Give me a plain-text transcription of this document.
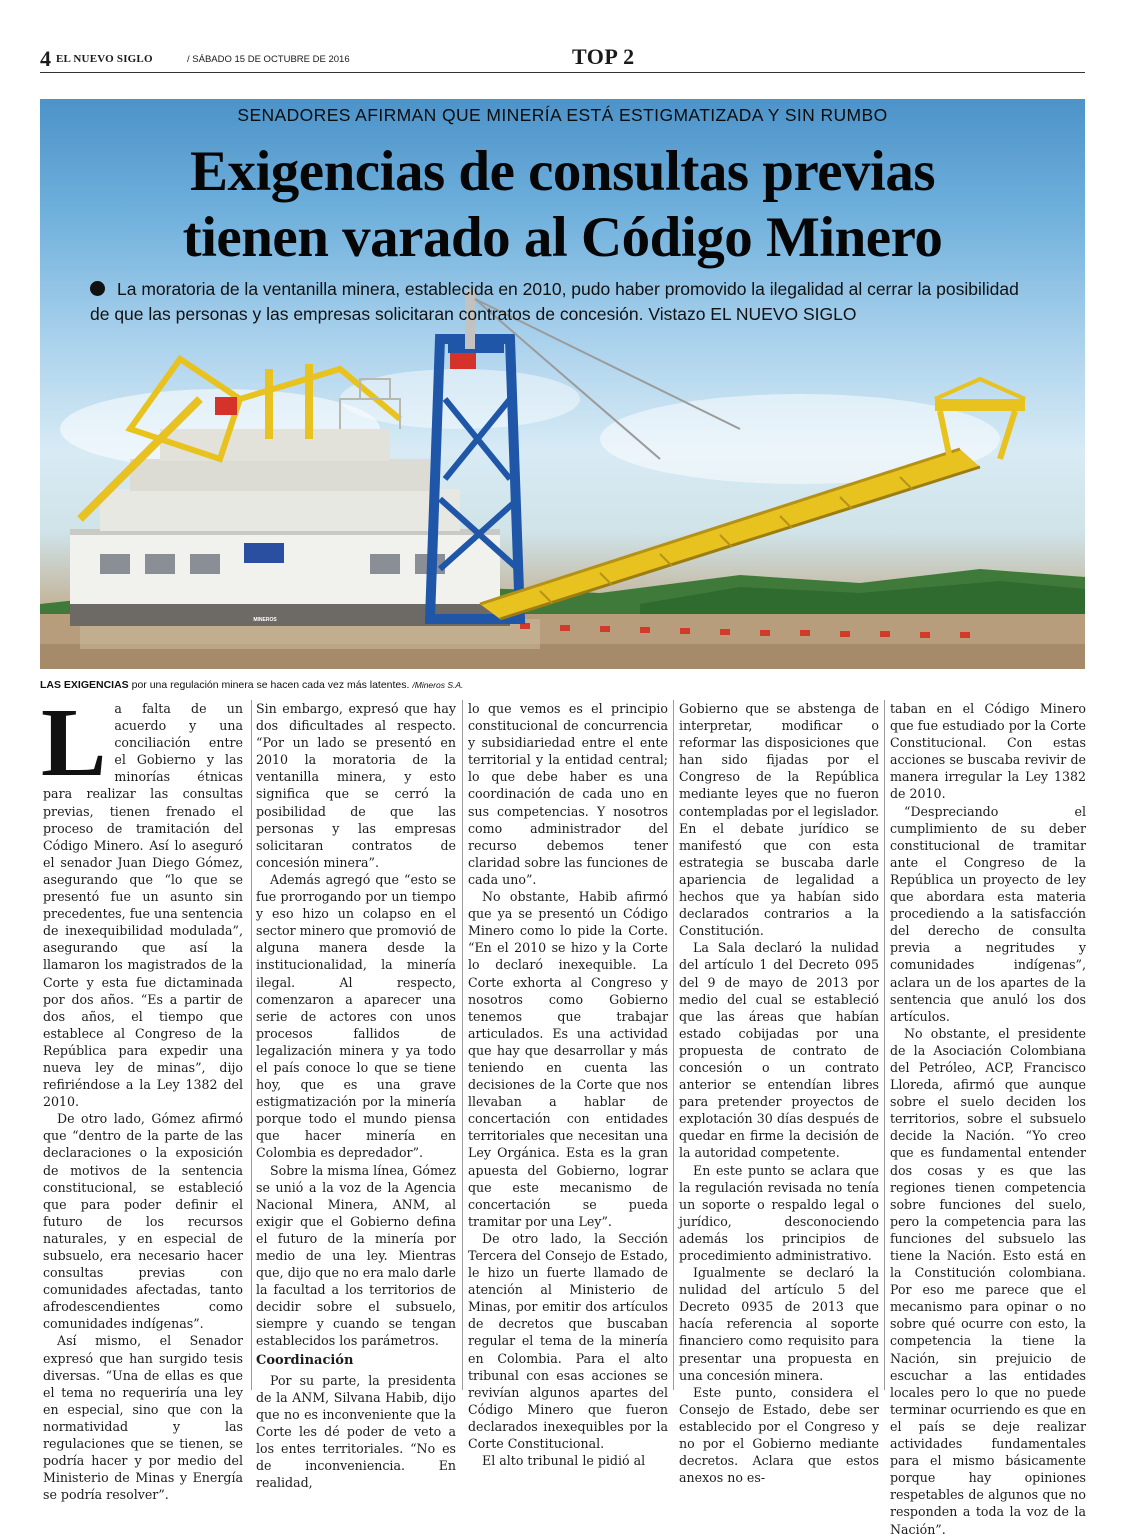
4 EL NUEVO SIGLO	/ SÁBADO 15 DE OCTUBRE DE 2016	TOP 2
SENADORES AFIRMAN QUE MINERÍA ESTÁ ESTIGMATIZADA Y SIN RUMBO
Exigencias de consultas previas
tienen varado al Código Minero
La moratoria de la ventanilla minera, establecida en 2010, pudo haber promovido la ilegalidad al cerrar la posibilidad de que las personas y las empresas solicitaran contratos de concesión. Vistazo EL NUEVO SIGLO
MINEROS
LAS EXIGENCIAS por una regulación minera se hacen cada vez más latentes. /Mineros S.A.
L a falta de un acuerdo y una conciliación entre el Gobierno y las minorías étnicas para realizar las consultas previas, tienen frenado el proceso de tramitación del Código Minero. Así lo aseguró el senador Juan Diego Gómez, asegurando que “lo que se presentó fue un asunto sin precedentes, fue una sentencia de inexequibilidad modulada”, asegurando que así la llamaron los magistrados de la Corte y esta fue dictaminada por dos años. “Es a partir de dos años, el tiempo que establece al Congreso de la República para expedir una nueva ley de minas”, dijo refiriéndose a la Ley 1382 del 2010.

De otro lado, Gómez afirmó que “dentro de la parte de las declaraciones o la exposición de motivos de la sentencia constitucional, se estableció que para poder definir el futuro de los recursos naturales, y en especial de subsuelo, era necesario hacer consultas previas con comunidades afectadas, tanto afrodescendientes como comunidades indígenas”.

Así mismo, el Senador expresó que han surgido tesis diversas. “Una de ellas es que el tema no requeriría una ley en especial, sino que con la normatividad y las regulaciones que se tienen, se podría hacer y por medio del Ministerio de Minas y Energía se podría resolver”.

Sin embargo, expresó que hay dos dificultades al respecto. “Por un lado se presentó en 2010 la moratoria de la ventanilla minera, y esto significa que se cerró la posibilidad de que las personas y las empresas solicitaran contratos de concesión minera”.

Además agregó que “esto se fue prorrogando por un tiempo y eso hizo un colapso en el sector minero que promovió de alguna manera desde la institucionalidad, la minería ilegal. Al respecto, comenzaron a aparecer una serie de actores con unos procesos fallidos de legalización minera y ya todo el país conoce lo que se tiene hoy, que es una grave estigmatización por la minería porque todo el mundo piensa que hacer minería en Colombia es depredador”.

Sobre la misma línea, Gómez se unió a la voz de la Agencia Nacional Minera, ANM, al exigir que el Gobierno defina el futuro de la minería por medio de una ley. Mientras que, dijo que no era malo darle la facultad a los territorios de decidir sobre el subsuelo, siempre y cuando se tengan establecidos los parámetros.

Coordinación

Por su parte, la presidenta de la ANM, Silvana Habib, dijo que no es inconveniente que la Corte les dé poder de veto a los entes territoriales. “No es de inconveniencia. En realidad,

lo que vemos es el principio constitucional de concurrencia y subsidiariedad entre el ente territorial y la entidad central; lo que debe haber es una coordinación de cada uno en sus competencias. Y nosotros como administrador del recurso debemos tener claridad sobre las funciones de cada uno”.

No obstante, Habib afirmó que ya se presentó un Código Minero como lo pide la Corte. “En el 2010 se hizo y la Corte lo declaró inexequible. La Corte exhorta al Congreso y nosotros como Gobierno tenemos que trabajar articulados. Es una actividad que hay que desarrollar y más teniendo en cuenta las decisiones de la Corte que nos llevaban a hablar de concertación con entidades territoriales que necesitan una Ley Orgánica. Esta es la gran apuesta del Gobierno, lograr que este mecanismo de concertación se pueda tramitar por una Ley”.

De otro lado, la Sección Tercera del Consejo de Estado, le hizo un fuerte llamado de atención al Ministerio de Minas, por emitir dos artículos de decretos que buscaban regular el tema de la minería en Colombia. Para el alto tribunal con esas acciones se revivían algunos apartes del Código Minero que fueron declarados inexequibles por la Corte Constitucional.

El alto tribunal le pidió al

Gobierno que se abstenga de interpretar, modificar o reformar las disposiciones que han sido fijadas por el Congreso de la República mediante leyes que no fueron contempladas por el legislador. En el debate jurídico se manifestó que con esta estrategia se buscaba darle apariencia de legalidad a hechos que ya habían sido declarados contrarios a la Constitución.

La Sala declaró la nulidad del artículo 1 del Decreto 095 del 9 de mayo de 2013 por medio del cual se estableció que las áreas que habían estado cobijadas por una propuesta de contrato de concesión o un contrato anterior se entendían libres para pretender proyectos de explotación 30 días después de quedar en firme la decisión de la autoridad competente.

En este punto se aclara que la regulación revisada no tenía un soporte o respaldo legal o jurídico, desconociendo además los principios de procedimiento administrativo.

Igualmente se declaró la nulidad del artículo 5 del Decreto 0935 de 2013 que hacía referencia al soporte financiero como requisito para presentar una propuesta en una concesión minera.

Este punto, considera el Consejo de Estado, debe ser establecido por el Congreso y no por el Gobierno mediante decretos. Aclara que estos anexos no es-

taban en el Código Minero que fue estudiado por la Corte Constitucional. Con estas acciones se buscaba revivir de manera irregular la Ley 1382 de 2010.

“Despreciando el cumplimiento de su deber constitucional de tramitar ante el Congreso de la República un proyecto de ley que abordara esta materia procediendo a la satisfacción del derecho de consulta previa a negritudes y comunidades indígenas”, aclara un de los apartes de la sentencia que anuló los dos artículos.

No obstante, el presidente de la Asociación Colombiana del Petróleo, ACP, Francisco Lloreda, afirmó que aunque sobre el suelo deciden los territorios, sobre el subsuelo decide la Nación. “Yo creo que es fundamental entender dos cosas y es que las regiones tienen competencia sobre funciones del suelo, pero la competencia para las funciones del subsuelo las tiene la Nación. Esto está en la Constitución colombiana. Por eso me parece que el mecanismo para opinar o no sobre qué ocurre con esto, la competencia la tiene la Nación, sin prejuicio de escuchar a las entidades locales pero lo que no puede terminar ocurriendo es que en el país se deje realizar actividades fundamentales para el mismo básicamente porque hay opiniones respetables de algunos que no responden a toda la voz de la Nación”.
